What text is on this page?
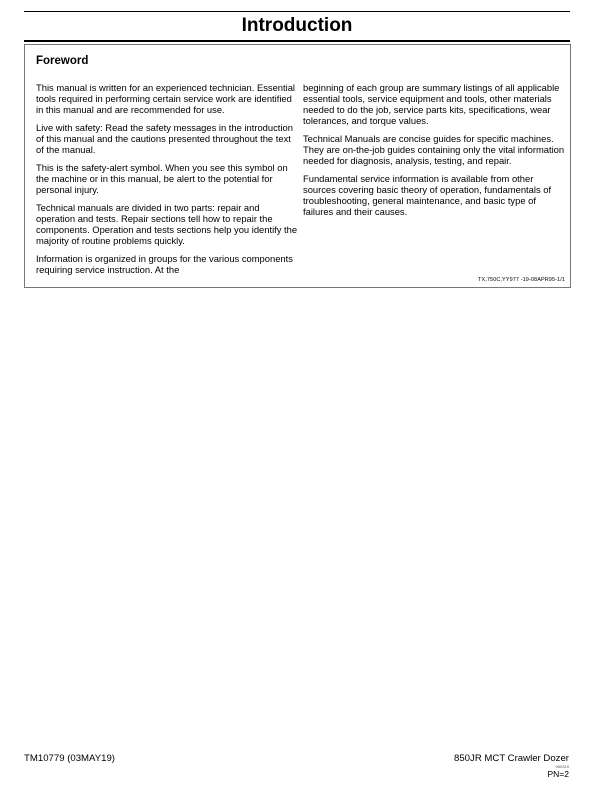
Introduction
Foreword

This manual is written for an experienced technician. Essential tools required in performing certain service work are identified in this manual and are recommended for use.

Live with safety: Read the safety messages in the introduction of this manual and the cautions presented throughout the text of the manual.

This is the safety-alert symbol. When you see this symbol on the machine or in this manual, be alert to the potential for personal injury.

Technical manuals are divided in two parts: repair and operation and tests. Repair sections tell how to repair the components. Operation and tests sections help you identify the majority of routine problems quickly.

Information is organized in groups for the various components requiring service instruction. At the

beginning of each group are summary listings of all applicable essential tools, service equipment and tools, other materials needed to do the job, service parts kits, specifications, wear tolerances, and torque values.

Technical Manuals are concise guides for specific machines. They are on-the-job guides containing only the vital information needed for diagnosis, analysis, testing, and repair.

Fundamental service information is available from other sources covering basic theory of operation, fundamentals of troubleshooting, general maintenance, and basic type of failures and their causes.

TX,750C,YY977 -19-08APR95-1/1
TM10779 (03MAY19)	850JR MCT Crawler Dozer
050319
PN=2
